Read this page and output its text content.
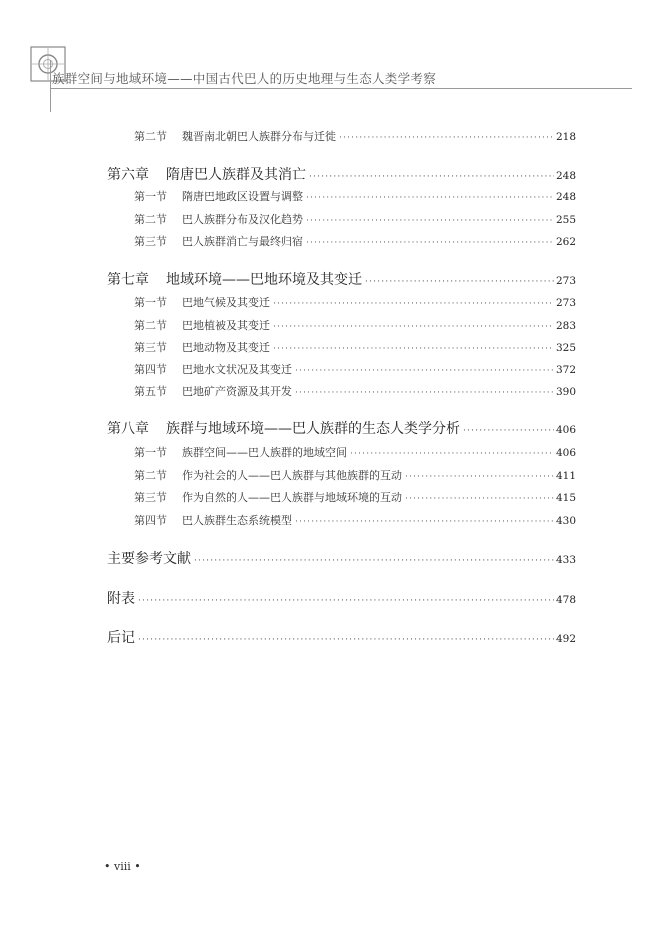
族群空间与地域环境——中国古代巴人的历史地理与生态人类学考察
第二节	魏晋南北朝巴人族群分布与迁徙 ·····	218
第六章	隋唐巴人族群及其消亡 ·····	248
第一节	隋唐巴地政区设置与调整 ·····	248
第二节	巴人族群分布及汉化趋势 ·····	255
第三节	巴人族群消亡与最终归宿 ·····	262
第七章	地域环境——巴地环境及其变迁 ·····	273
第一节	巴地气候及其变迁 ·····	273
第二节	巴地植被及其变迁 ·····	283
第三节	巴地动物及其变迁 ·····	325
第四节	巴地水文状况及其变迁 ·····	372
第五节	巴地矿产资源及其开发 ·····	390
第八章	族群与地域环境——巴人族群的生态人类学分析 ·····	406
第一节	族群空间——巴人族群的地域空间 ·····	406
第二节	作为社会的人——巴人族群与其他族群的互动 ·····	411
第三节	作为自然的人——巴人族群与地域环境的互动 ·····	415
第四节	巴人族群生态系统模型 ·····	430
主要参考文献 ·····	433
附表 ·····	478
后记 ·····	492
• viii •
